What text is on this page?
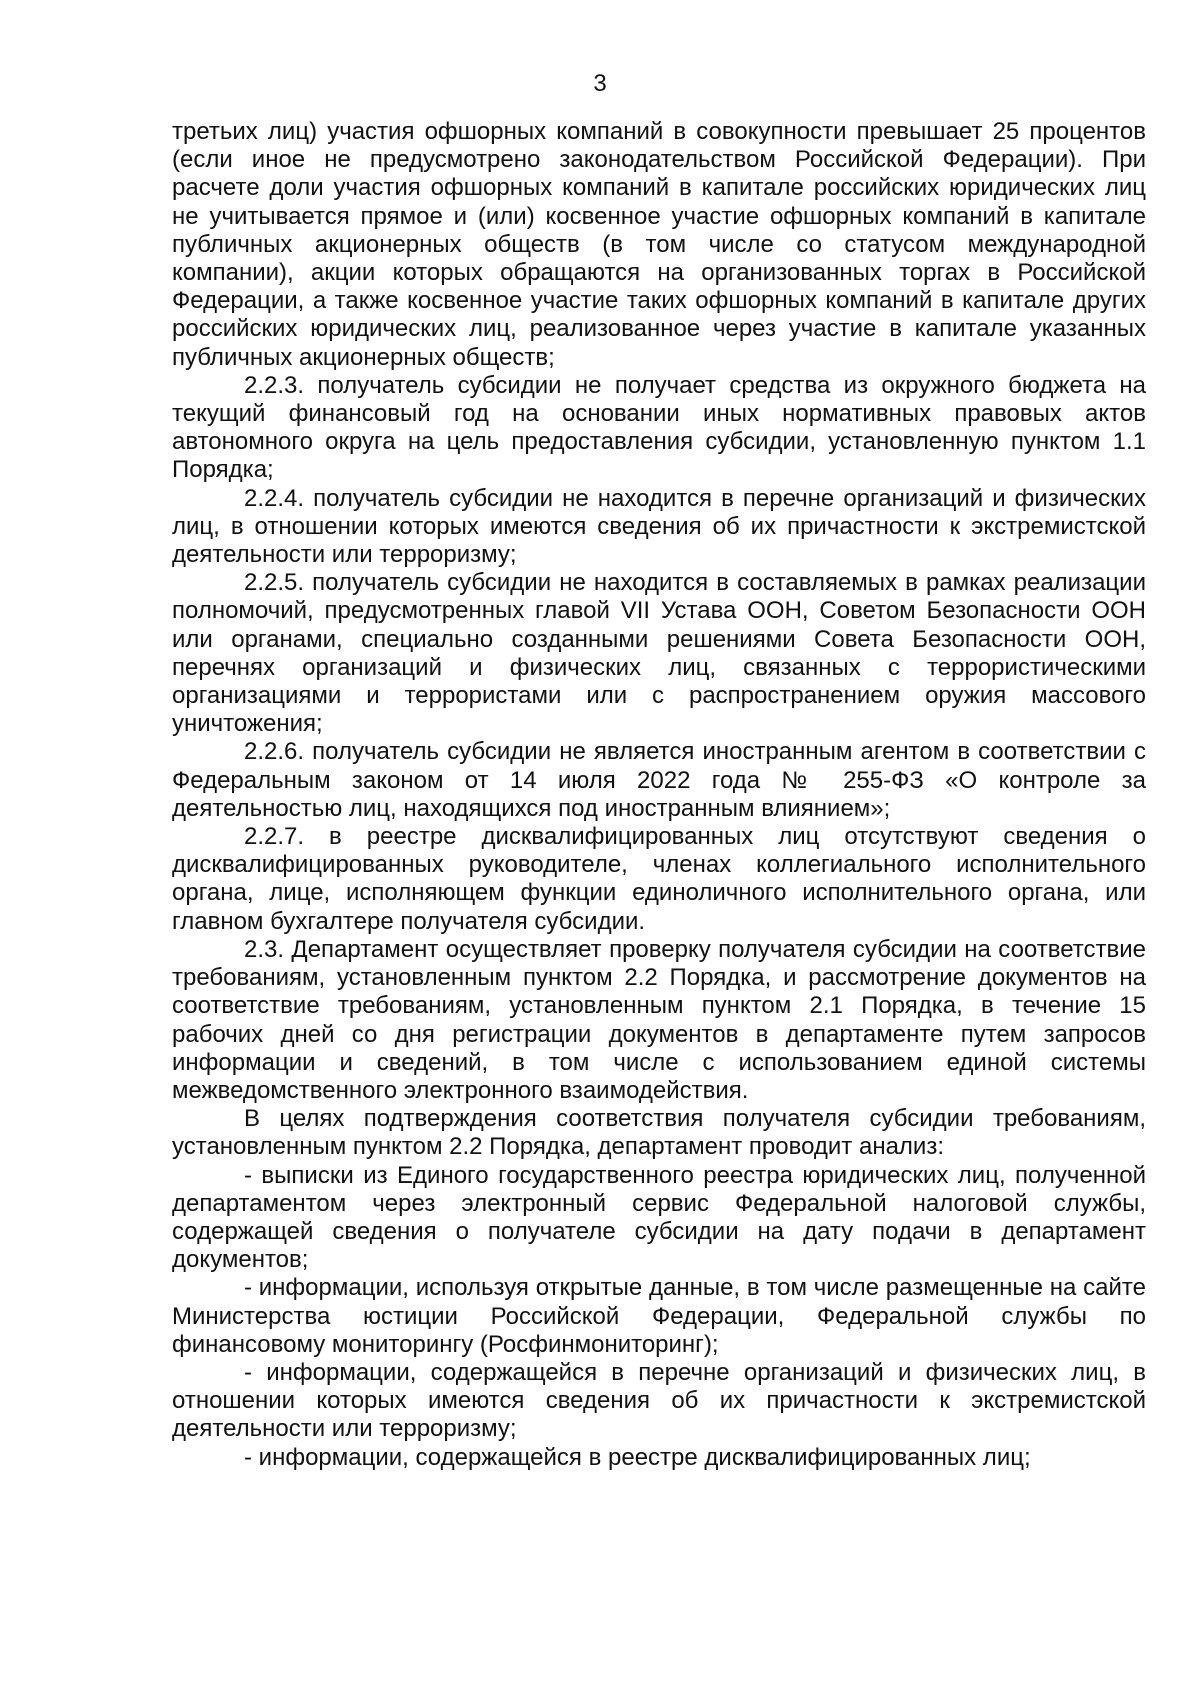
3

третьих лиц) участия офшорных компаний в совокупности превышает 25 процентов (если иное не предусмотрено законодательством Российской Федерации). При расчете доли участия офшорных компаний в капитале российских юридических лиц не учитывается прямое и (или) косвенное участие офшорных компаний в капитале публичных акционерных обществ (в том числе со статусом международной компании), акции которых обращаются на организованных торгах в Российской Федерации, а также косвенное участие таких офшорных компаний в капитале других российских юридических лиц, реализованное через участие в капитале указанных публичных акционерных обществ;

2.2.3. получатель субсидии не получает средства из окружного бюджета на текущий финансовый год на основании иных нормативных правовых актов автономного округа на цель предоставления субсидии, установленную пунктом 1.1 Порядка;

2.2.4. получатель субсидии не находится в перечне организаций и физических лиц, в отношении которых имеются сведения об их причастности к экстремистской деятельности или терроризму;

2.2.5. получатель субсидии не находится в составляемых в рамках реализации полномочий, предусмотренных главой VII Устава ООН, Советом Безопасности ООН или органами, специально созданными решениями Совета Безопасности ООН, перечнях организаций и физических лиц, связанных с террористическими организациями и террористами или с распространением оружия массового уничтожения;

2.2.6. получатель субсидии не является иностранным агентом в соответствии с Федеральным законом от 14 июля 2022 года № 255-ФЗ «О контроле за деятельностью лиц, находящихся под иностранным влиянием»;

2.2.7. в реестре дисквалифицированных лиц отсутствуют сведения о дисквалифицированных руководителе, членах коллегиального исполнительного органа, лице, исполняющем функции единоличного исполнительного органа, или главном бухгалтере получателя субсидии.

2.3. Департамент осуществляет проверку получателя субсидии на соответствие требованиям, установленным пунктом 2.2 Порядка, и рассмотрение документов на соответствие требованиям, установленным пунктом 2.1 Порядка, в течение 15 рабочих дней со дня регистрации документов в департаменте путем запросов информации и сведений, в том числе с использованием единой системы межведомственного электронного взаимодействия.

В целях подтверждения соответствия получателя субсидии требованиям, установленным пунктом 2.2 Порядка, департамент проводит анализ:

- выписки из Единого государственного реестра юридических лиц, полученной департаментом через электронный сервис Федеральной налоговой службы, содержащей сведения о получателе субсидии на дату подачи в департамент документов;

- информации, используя открытые данные, в том числе размещенные на сайте Министерства юстиции Российской Федерации, Федеральной службы по финансовому мониторингу (Росфинмониторинг);

- информации, содержащейся в перечне организаций и физических лиц, в отношении которых имеются сведения об их причастности к экстремистской деятельности или терроризму;

- информации, содержащейся в реестре дисквалифицированных лиц;
